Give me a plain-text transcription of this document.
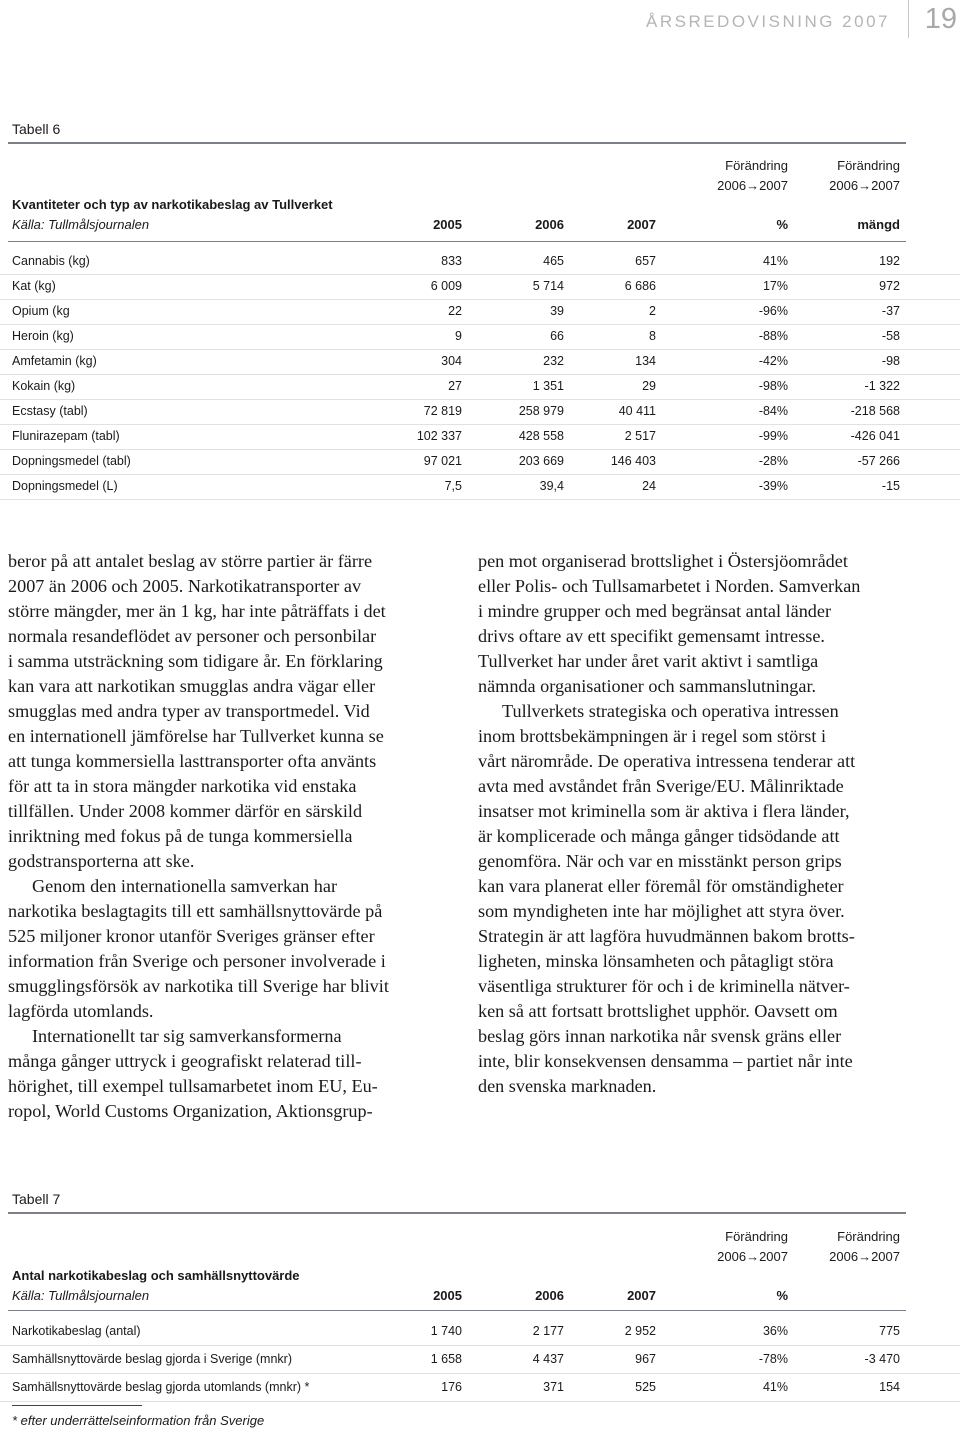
ÅRSREDOVISNING 2007 19
Tabell 6
Förändring
2006→2007
Förändring
2006→2007
Kvantiteter och typ av narkotikabeslag av Tullverket
Källa: Tullmålsjournalen	2005	2006	2007	%	mängd
Cannabis (kg)	833	465	657	41%	192
Kat (kg)	6 009	5 714	6 686	17%	972
Opium (kg	22	39	2	-96%	-37
Heroin (kg)	9	66	8	-88%	-58
Amfetamin (kg)	304	232	134	-42%	-98
Kokain (kg)	27	1 351	29	-98%	-1 322
Ecstasy (tabl)	72 819	258 979	40 411	-84%	-218 568
Flunirazepam (tabl)	102 337	428 558	2 517	-99%	-426 041
Dopningsmedel (tabl)	97 021	203 669	146 403	-28%	-57 266
Dopningsmedel (L)	7,5	39,4	24	-39%	-15

beror på att antalet beslag av större partier är färre
2007 än 2006 och 2005. Narkotikatransporter av
större mängder, mer än 1 kg, har inte påträffats i det
normala resandeflödet av personer och personbilar
i samma utsträckning som tidigare år. En förklaring
kan vara att narkotikan smugglas andra vägar eller
smugglas med andra typer av transportmedel. Vid
en internationell jämförelse har Tullverket kunna se
att tunga kommersiella lasttransporter ofta använts
för att ta in stora mängder narkotika vid enstaka
tillfällen. Under 2008 kommer därför en särskild
inriktning med fokus på de tunga kommersiella
godstransporterna att ske.

Genom den internationella samverkan har
narkotika beslagtagits till ett samhällsnyttovärde på
525 miljoner kronor utanför Sveriges gränser efter
information från Sverige och personer involverade i
smugglingsförsök av narkotika till Sverige har blivit
lagförda utomlands.

Internationellt tar sig samverkansformerna
många gånger uttryck i geografiskt relaterad till-
hörighet, till exempel tullsamarbetet inom EU, Eu-
ropol, World Customs Organization, Aktionsgrup-

pen mot organiserad brottslighet i Östersjöområdet
eller Polis- och Tullsamarbetet i Norden. Samverkan
i mindre grupper och med begränsat antal länder
drivs oftare av ett specifikt gemensamt intresse.
Tullverket har under året varit aktivt i samtliga
nämnda organisationer och sammanslutningar.

Tullverkets strategiska och operativa intressen
inom brottsbekämpningen är i regel som störst i
vårt närområde. De operativa intressena tenderar att
avta med avståndet från Sverige/EU. Målinriktade
insatser mot kriminella som är aktiva i flera länder,
är komplicerade och många gånger tidsödande att
genomföra. När och var en misstänkt person grips
kan vara planerat eller föremål för omständigheter
som myndigheten inte har möjlighet att styra över.
Strategin är att lagföra huvudmännen bakom brotts-
ligheten, minska lönsamheten och påtagligt störa
väsentliga strukturer för och i de kriminella nätver-
ken så att fortsatt brottslighet upphör. Oavsett om
beslag görs innan narkotika når svensk gräns eller
inte, blir konsekvensen densamma – partiet når inte
den svenska marknaden.

Tabell 7
Förändring
2006→2007
Förändring
2006→2007
Antal narkotikabeslag och samhällsnyttovärde
Källa: Tullmålsjournalen	2005	2006	2007	%
Narkotikabeslag (antal)	1 740	2 177	2 952	36%	775
Samhällsnyttovärde beslag gjorda i Sverige (mnkr)	1 658	4 437	967	-78%	-3 470
Samhällsnyttovärde beslag gjorda utomlands (mnkr) *	176	371	525	41%	154
* efter underrättelseinformation från Sverige
